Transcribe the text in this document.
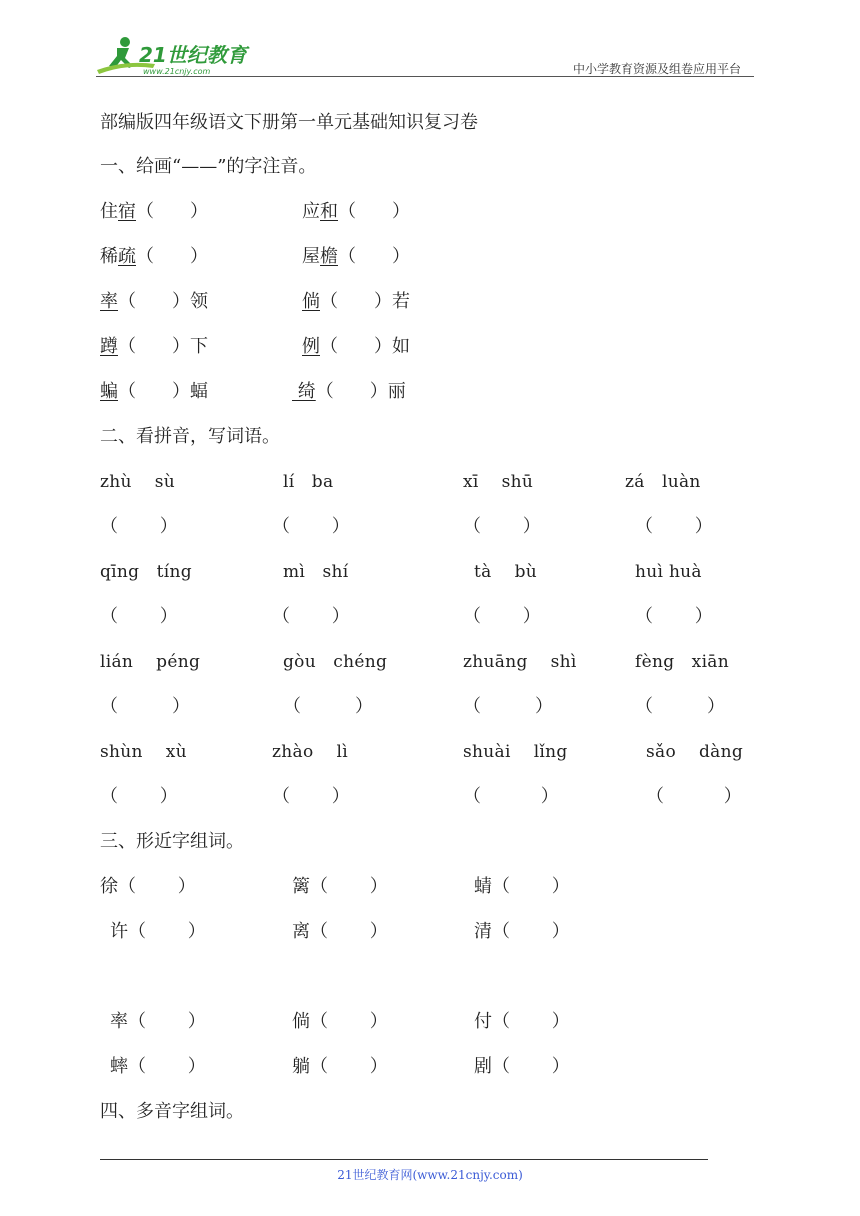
21世纪教育
www.21cnjy.com	中小学教育资源及组卷应用平台
部编版四年级语文下册第一单元基础知识复习卷
一、给画“——”的字注音。
住宿（　　）	应和（　　）
稀疏（　　）	屋檐（　　）
率（　　）领	倘（　　）若
蹲（　　）下	例（　　）如
蝙（　　）蝠	绮（　　）丽
二、看拼音，写词语。
zhù　 sù	lí　ba	xī　 shū	zá　luàn
（　　 ）	（　　 ）	（　　 ）	（　　 ）
qīng　tíng	mì　shí	tà　 bù	huì huà
（　　 ）	（　　 ）	（　　 ）	（　　 ）
lián　 péng	gòu　chéng	zhuāng　 shì	fèng　xiān
（　　　）	（　　　）	（　　　）	（　　　）
shùn　 xù	zhào　 lì	shuài　 lǐng	sǎo　 dàng
（　　 ）	（　　 ）	（　　　 ）	（　　　 ）
三、形近字组词。
徐（　　 ）	篱（　　 ）	蜻（　　 ）
许（　　 ）	离（　　 ）	清（　　 ）
率（　　 ）	倘（　　 ）	付（　　 ）
蟀（　　 ）	躺（　　 ）	剧（　　 ）
四、多音字组词。
21世纪教育网(www.21cnjy.com)
